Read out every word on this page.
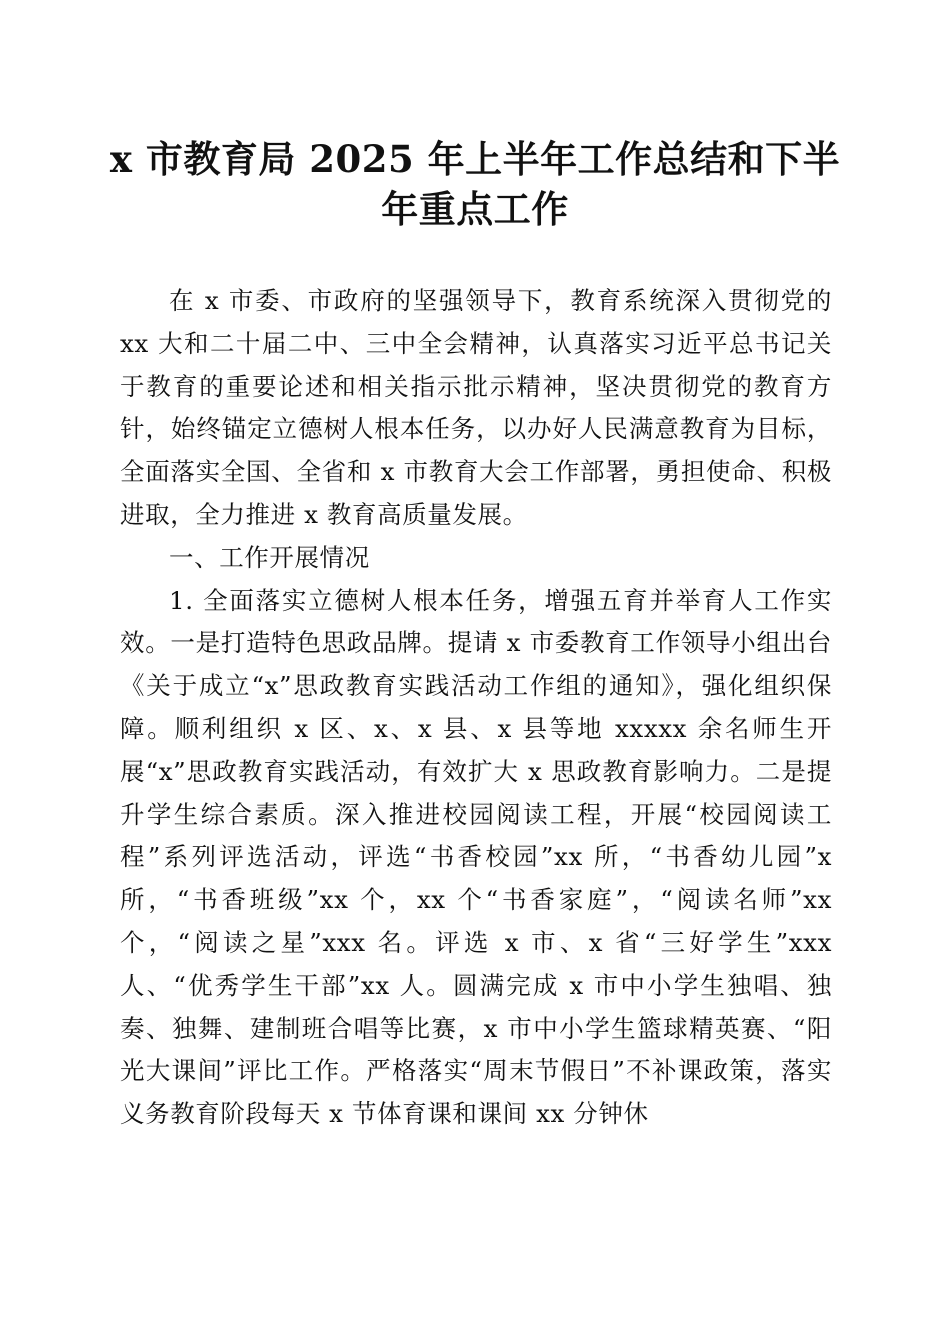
x 市教育局 2025 年上半年工作总结和下半年重点工作

在 x 市委、市政府的坚强领导下，教育系统深入贯彻党的 xx 大和二十届二中、三中全会精神，认真落实习近平总书记关于教育的重要论述和相关指示批示精神，坚决贯彻党的教育方针，始终锚定立德树人根本任务，以办好人民满意教育为目标，全面落实全国、全省和 x 市教育大会工作部署，勇担使命、积极进取，全力推进 x 教育高质量发展。

一、工作开展情况

1. 全面落实立德树人根本任务，增强五育并举育人工作实效。一是打造特色思政品牌。提请 x 市委教育工作领导小组出台《关于成立“x”思政教育实践活动工作组的通知》，强化组织保障。顺利组织 x 区、x、x 县、x 县等地 xxxxx 余名师生开展“x”思政教育实践活动，有效扩大 x 思政教育影响力。二是提升学生综合素质。深入推进校园阅读工程，开展“校园阅读工程”系列评选活动，评选“书香校园”xx 所，“书香幼儿园”x 所，“书香班级”xx 个，xx 个“书香家庭”，“阅读名师”xx 个，“阅读之星”xxx 名。评选 x 市、x 省“三好学生”xxx 人、“优秀学生干部”xx 人。圆满完成 x 市中小学生独唱、独奏、独舞、建制班合唱等比赛，x 市中小学生篮球精英赛、“阳光大课间”评比工作。严格落实“周末节假日”不补课政策，落实义务教育阶段每天 x 节体育课和课间 xx 分钟休
